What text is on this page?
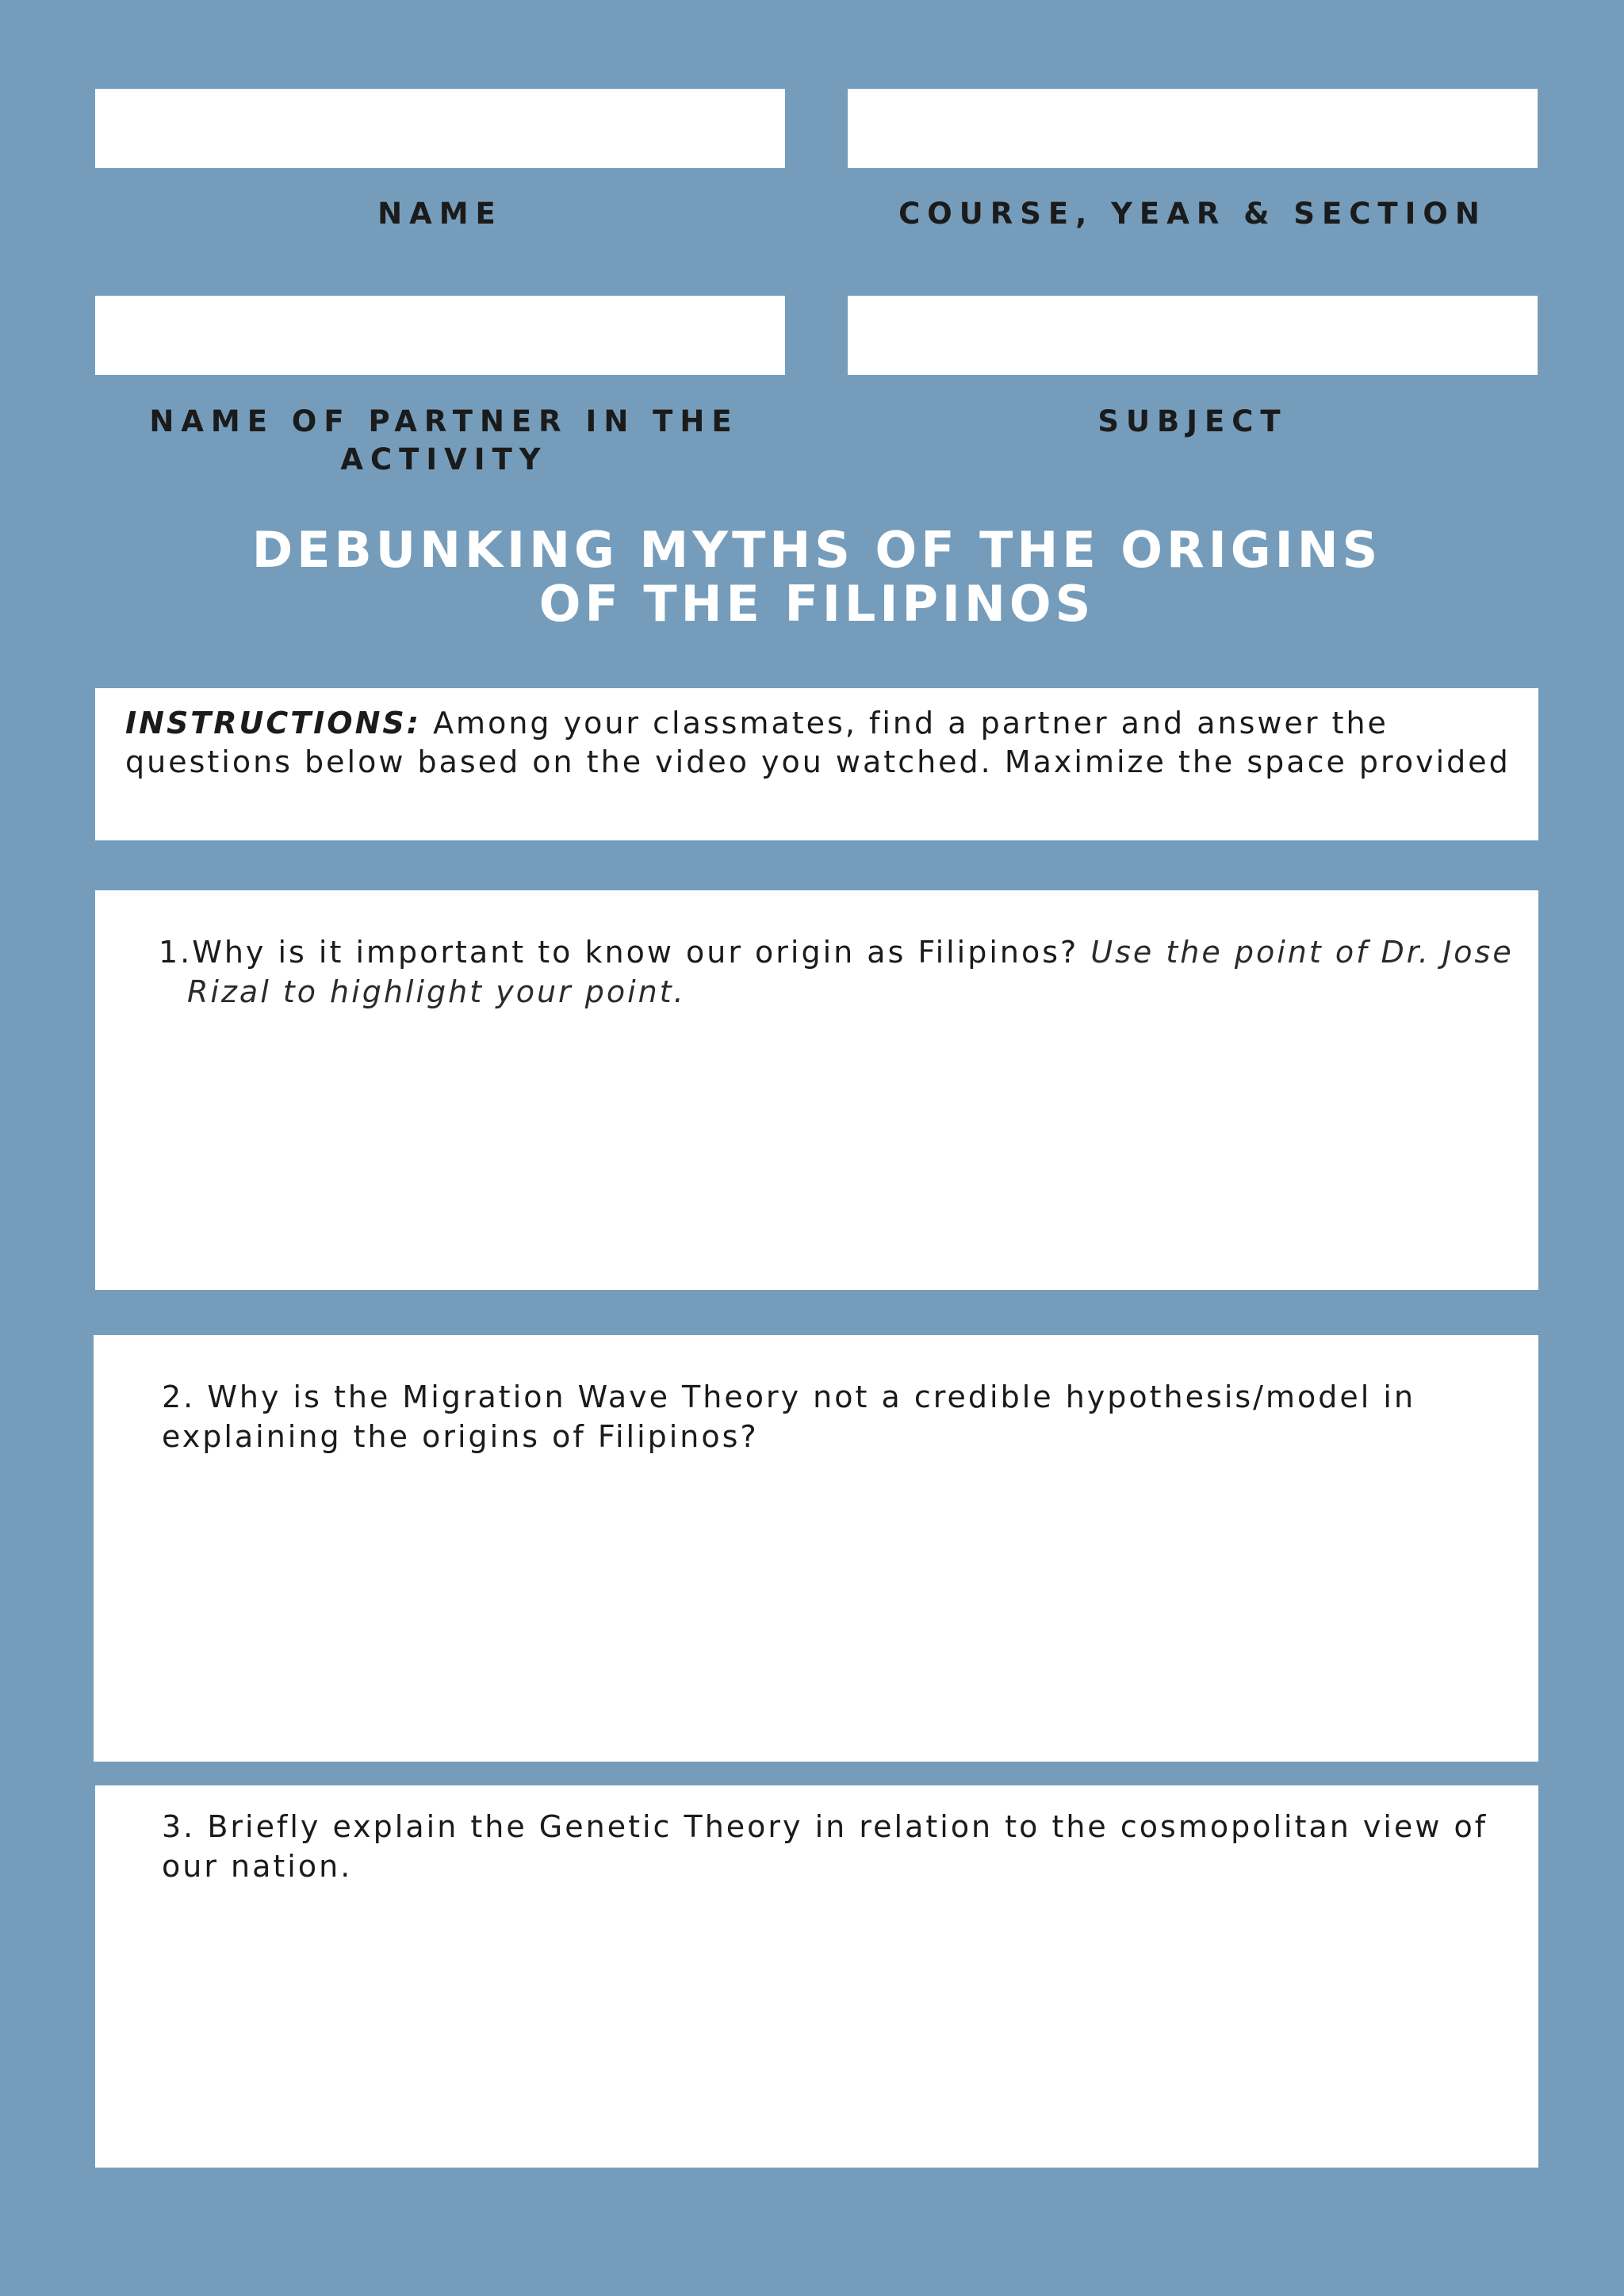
NAME	COURSE, YEAR & SECTION
NAME OF PARTNER IN THE ACTIVITY
SUBJECT
DEBUNKING MYTHS OF THE ORIGINS
OF THE FILIPINOS
INSTRUCTIONS: Among your classmates, find a partner and answer the questions below based on the video you watched. Maximize the space provided
1.Why is it important to know our origin as Filipinos? Use the point of Dr. Jose Rizal to highlight your point.
2. Why is the Migration Wave Theory not a credible hypothesis/model in explaining the origins of Filipinos?
3. Briefly explain the Genetic Theory in relation to the cosmopolitan view of our nation.
